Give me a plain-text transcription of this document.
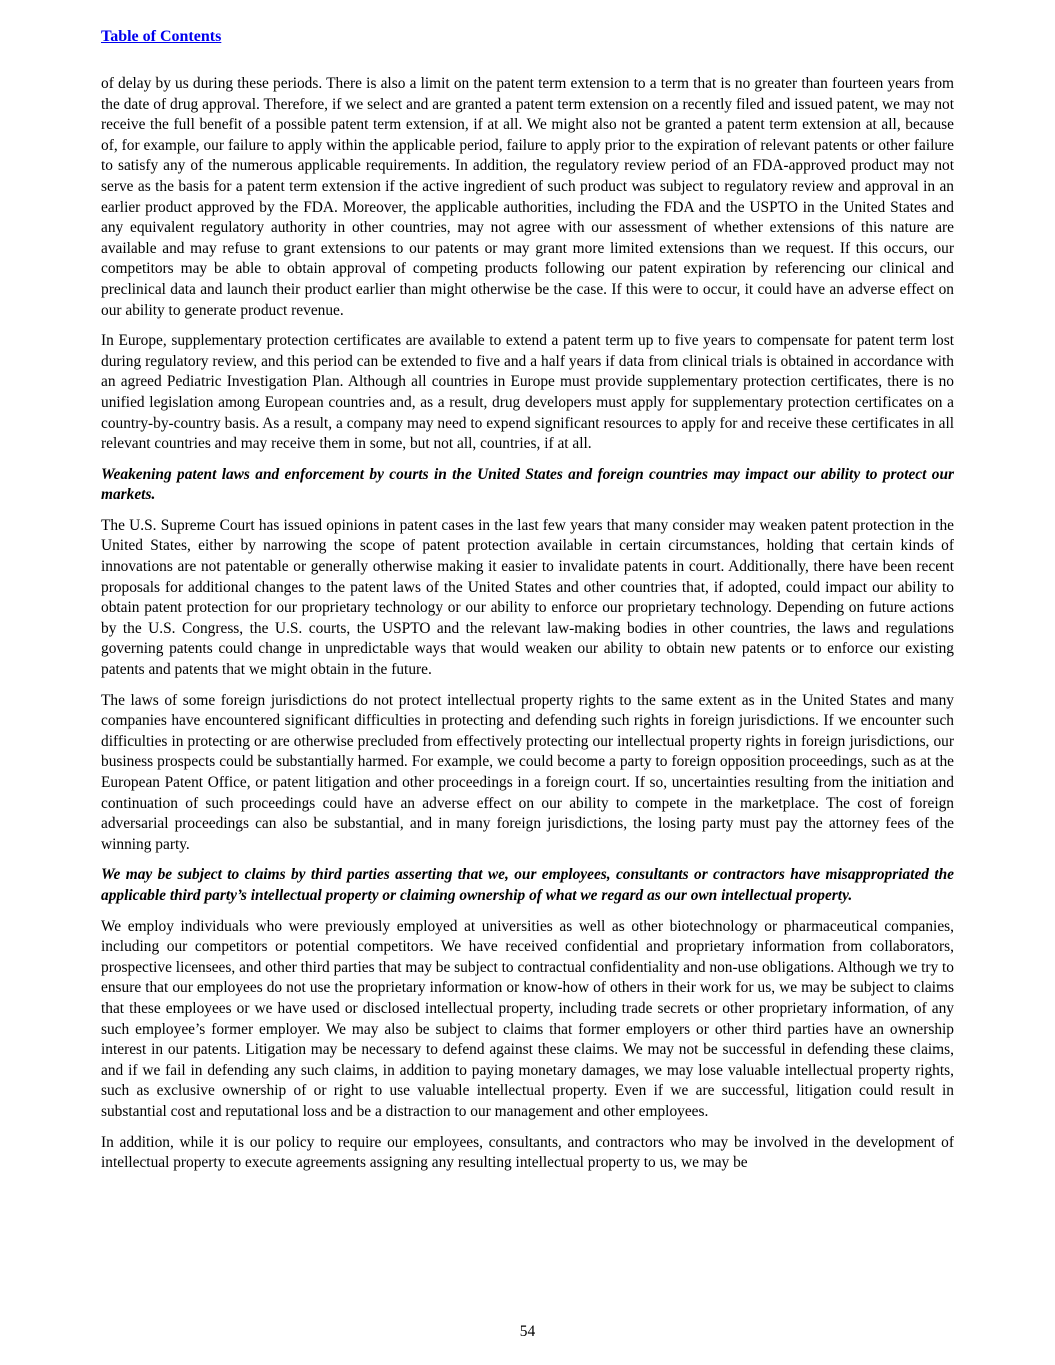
Table of Contents

of delay by us during these periods. There is also a limit on the patent term extension to a term that is no greater than fourteen years from the date of drug approval. Therefore, if we select and are granted a patent term extension on a recently filed and issued patent, we may not receive the full benefit of a possible patent term extension, if at all. We might also not be granted a patent term extension at all, because of, for example, our failure to apply within the applicable period, failure to apply prior to the expiration of relevant patents or other failure to satisfy any of the numerous applicable requirements. In addition, the regulatory review period of an FDA-approved product may not serve as the basis for a patent term extension if the active ingredient of such product was subject to regulatory review and approval in an earlier product approved by the FDA. Moreover, the applicable authorities, including the FDA and the USPTO in the United States and any equivalent regulatory authority in other countries, may not agree with our assessment of whether extensions of this nature are available and may refuse to grant extensions to our patents or may grant more limited extensions than we request. If this occurs, our competitors may be able to obtain approval of competing products following our patent expiration by referencing our clinical and preclinical data and launch their product earlier than might otherwise be the case. If this were to occur, it could have an adverse effect on our ability to generate product revenue.

In Europe, supplementary protection certificates are available to extend a patent term up to five years to compensate for patent term lost during regulatory review, and this period can be extended to five and a half years if data from clinical trials is obtained in accordance with an agreed Pediatric Investigation Plan. Although all countries in Europe must provide supplementary protection certificates, there is no unified legislation among European countries and, as a result, drug developers must apply for supplementary protection certificates on a country-by-country basis. As a result, a company may need to expend significant resources to apply for and receive these certificates in all relevant countries and may receive them in some, but not all, countries, if at all.

Weakening patent laws and enforcement by courts in the United States and foreign countries may impact our ability to protect our markets.

The U.S. Supreme Court has issued opinions in patent cases in the last few years that many consider may weaken patent protection in the United States, either by narrowing the scope of patent protection available in certain circumstances, holding that certain kinds of innovations are not patentable or generally otherwise making it easier to invalidate patents in court. Additionally, there have been recent proposals for additional changes to the patent laws of the United States and other countries that, if adopted, could impact our ability to obtain patent protection for our proprietary technology or our ability to enforce our proprietary technology. Depending on future actions by the U.S. Congress, the U.S. courts, the USPTO and the relevant law-making bodies in other countries, the laws and regulations governing patents could change in unpredictable ways that would weaken our ability to obtain new patents or to enforce our existing patents and patents that we might obtain in the future.

The laws of some foreign jurisdictions do not protect intellectual property rights to the same extent as in the United States and many companies have encountered significant difficulties in protecting and defending such rights in foreign jurisdictions. If we encounter such difficulties in protecting or are otherwise precluded from effectively protecting our intellectual property rights in foreign jurisdictions, our business prospects could be substantially harmed. For example, we could become a party to foreign opposition proceedings, such as at the European Patent Office, or patent litigation and other proceedings in a foreign court. If so, uncertainties resulting from the initiation and continuation of such proceedings could have an adverse effect on our ability to compete in the marketplace. The cost of foreign adversarial proceedings can also be substantial, and in many foreign jurisdictions, the losing party must pay the attorney fees of the winning party.

We may be subject to claims by third parties asserting that we, our employees, consultants or contractors have misappropriated the applicable third party’s intellectual property or claiming ownership of what we regard as our own intellectual property.

We employ individuals who were previously employed at universities as well as other biotechnology or pharmaceutical companies, including our competitors or potential competitors. We have received confidential and proprietary information from collaborators, prospective licensees, and other third parties that may be subject to contractual confidentiality and non-use obligations. Although we try to ensure that our employees do not use the proprietary information or know-how of others in their work for us, we may be subject to claims that these employees or we have used or disclosed intellectual property, including trade secrets or other proprietary information, of any such employee’s former employer. We may also be subject to claims that former employers or other third parties have an ownership interest in our patents. Litigation may be necessary to defend against these claims. We may not be successful in defending these claims, and if we fail in defending any such claims, in addition to paying monetary damages, we may lose valuable intellectual property rights, such as exclusive ownership of or right to use valuable intellectual property. Even if we are successful, litigation could result in substantial cost and reputational loss and be a distraction to our management and other employees.

In addition, while it is our policy to require our employees, consultants, and contractors who may be involved in the development of intellectual property to execute agreements assigning any resulting intellectual property to us, we may be

54
